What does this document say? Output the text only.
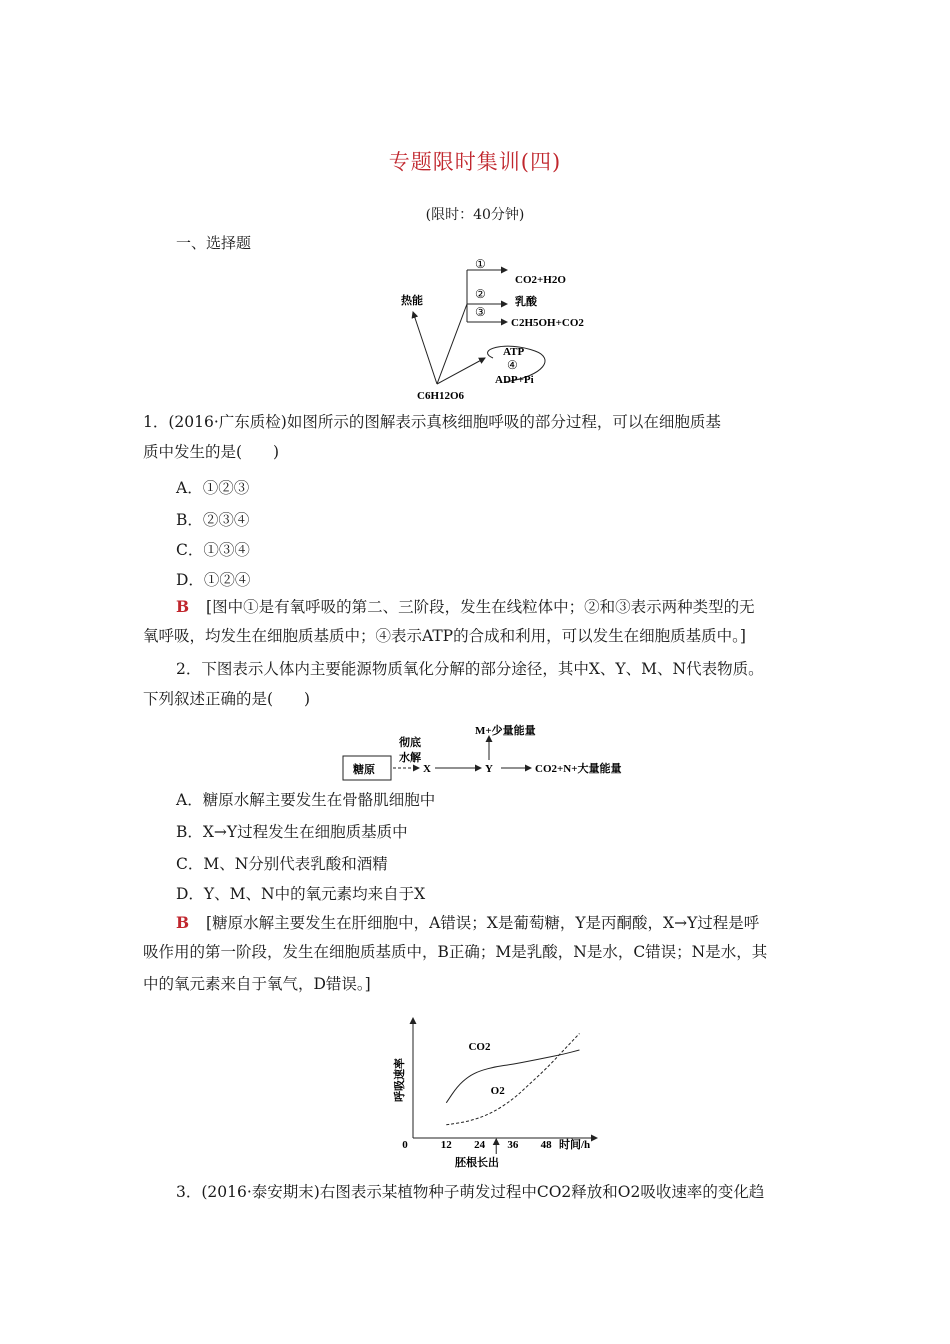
专题限时集训(四)
(限时：40分钟)
一、选择题
热能
①
CO2+H2O
②
乳酸
③
C2H5OH+CO2
ATP
④
ADP+Pi
C6H12O6
1．(2016·广东质检)如图所示的图解表示真核细胞呼吸的部分过程，可以在细胞质基
质中发生的是(　　)
A．①②③
B．②③④
C．①③④
D．①②④
B [图中①是有氧呼吸的第二、三阶段，发生在线粒体中；②和③表示两种类型的无
氧呼吸，均发生在细胞质基质中；④表示ATP的合成和利用，可以发生在细胞质基质中。]
2．下图表示人体内主要能源物质氧化分解的部分途径，其中X、Y、M、N代表物质。
下列叙述正确的是(　　)
糖原
彻底
水解
X	Y
M+少量能量
CO2+N+大量能量
A．糖原水解主要发生在骨骼肌细胞中
B．X→Y过程发生在细胞质基质中
C．M、N分别代表乳酸和酒精
D．Y、M、N中的氧元素均来自于X
B [糖原水解主要发生在肝细胞中，A错误；X是葡萄糖，Y是丙酮酸，X→Y过程是呼
吸作用的第一阶段，发生在细胞质基质中，B正确；M是乳酸，N是水，C错误；N是水，其
中的氧元素来自于氧气，D错误。]
呼吸速率
0	12 24 36 48
CO2
O2
时间/h
胚根长出
3．(2016·泰安期末)右图表示某植物种子萌发过程中CO2释放和O2吸收速率的变化趋
